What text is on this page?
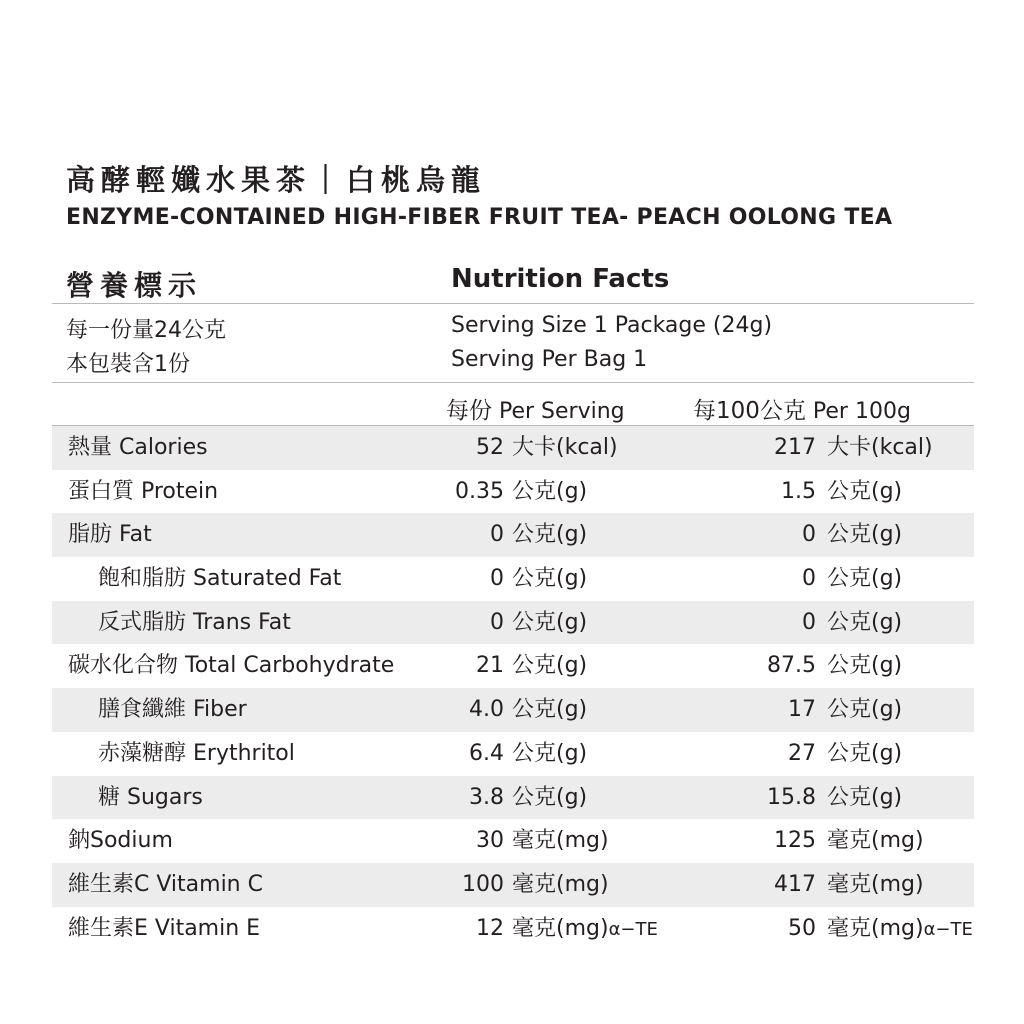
高酵輕孅水果茶｜白桃烏龍
ENZYME-CONTAINED HIGH-FIBER FRUIT TEA- PEACH OOLONG TEA
營養標示	Nutrition Facts
每一份量24公克
本包裝含1份
Serving Size 1 Package (24g)
Serving Per Bag 1
每份 Per Serving	每100公克 Per 100g
熱量 Calories	52 大卡(kcal)	217 大卡(kcal)
蛋白質 Protein	0.35 公克(g)	1.5 公克(g)
脂肪 Fat	0 公克(g)	0 公克(g)
飽和脂肪 Saturated Fat	0 公克(g)	0 公克(g)
反式脂肪 Trans Fat	0 公克(g)	0 公克(g)
碳水化合物 Total Carbohydrate	21 公克(g)	87.5 公克(g)
膳食纖維 Fiber	4.0 公克(g)	17 公克(g)
赤藻糖醇 Erythritol	6.4 公克(g)	27 公克(g)
糖 Sugars	3.8 公克(g)	15.8 公克(g)
鈉Sodium	30 毫克(mg)	125 毫克(mg)
維生素C Vitamin C	100 毫克(mg)	417 毫克(mg)
維生素E Vitamin E	12 毫克(mg)α−TE	50 毫克(mg)α−TE
